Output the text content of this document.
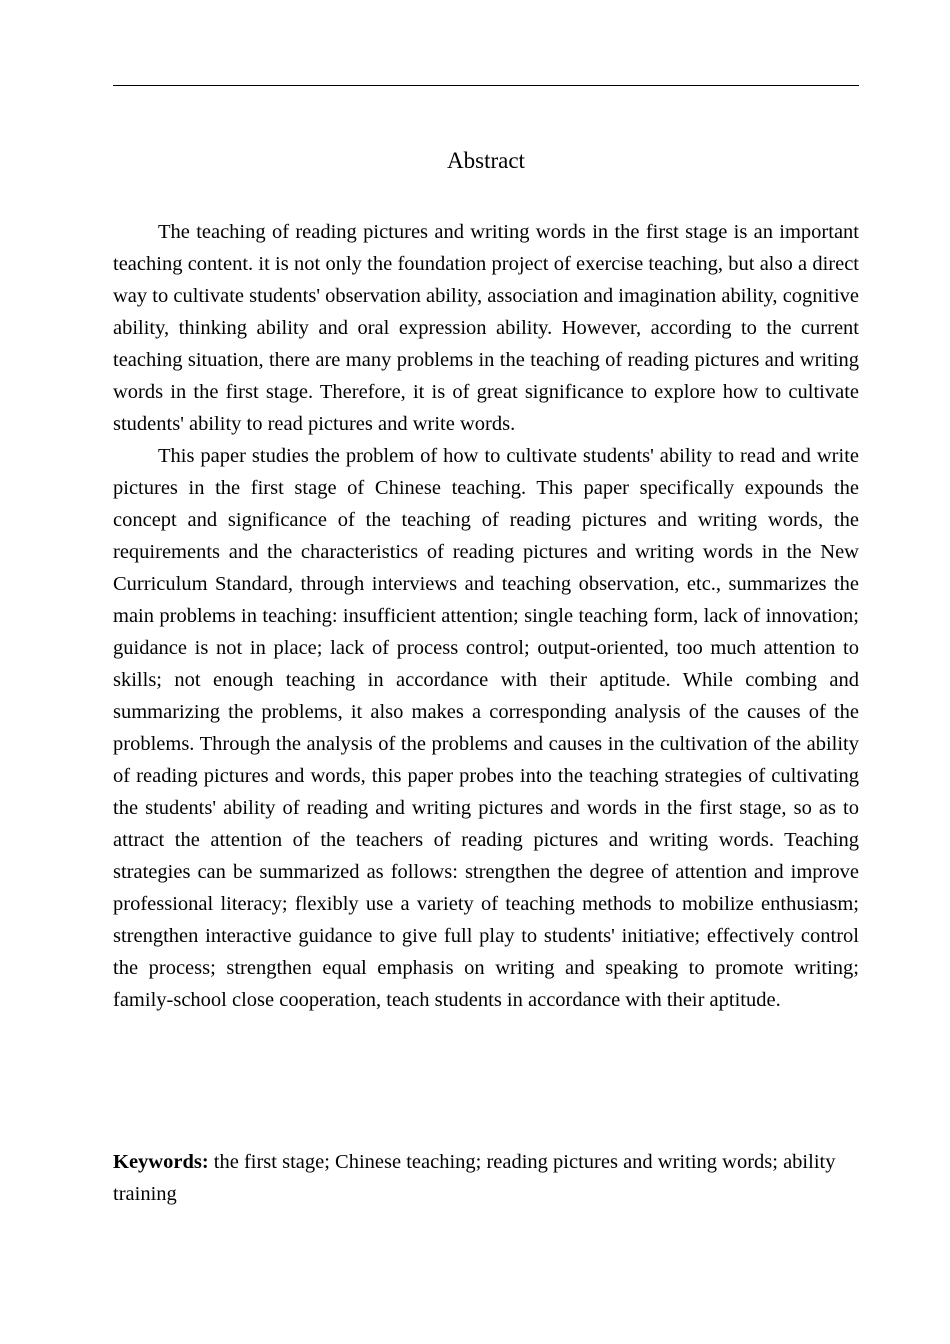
Abstract

The teaching of reading pictures and writing words in the first stage is an important teaching content. it is not only the foundation project of exercise teaching, but also a direct way to cultivate students' observation ability, association and imagination ability, cognitive ability, thinking ability and oral expression ability. However, according to the current teaching situation, there are many problems in the teaching of reading pictures and writing words in the first stage. Therefore, it is of great significance to explore how to cultivate students' ability to read pictures and write words.

This paper studies the problem of how to cultivate students' ability to read and write pictures in the first stage of Chinese teaching. This paper specifically expounds the concept and significance of the teaching of reading pictures and writing words, the requirements and the characteristics of reading pictures and writing words in the New Curriculum Standard, through interviews and teaching observation, etc., summarizes the main problems in teaching: insufficient attention; single teaching form, lack of innovation; guidance is not in place; lack of process control; output-oriented, too much attention to skills; not enough teaching in accordance with their aptitude. While combing and summarizing the problems, it also makes a corresponding analysis of the causes of the problems. Through the analysis of the problems and causes in the cultivation of the ability of reading pictures and words, this paper probes into the teaching strategies of cultivating the students' ability of reading and writing pictures and words in the first stage, so as to attract the attention of the teachers of reading pictures and writing words. Teaching strategies can be summarized as follows: strengthen the degree of attention and improve professional literacy; flexibly use a variety of teaching methods to mobilize enthusiasm; strengthen interactive guidance to give full play to students' initiative; effectively control the process; strengthen equal emphasis on writing and speaking to promote writing; family-school close cooperation, teach students in accordance with their aptitude.

Keywords: the first stage; Chinese teaching; reading pictures and writing words; ability training
